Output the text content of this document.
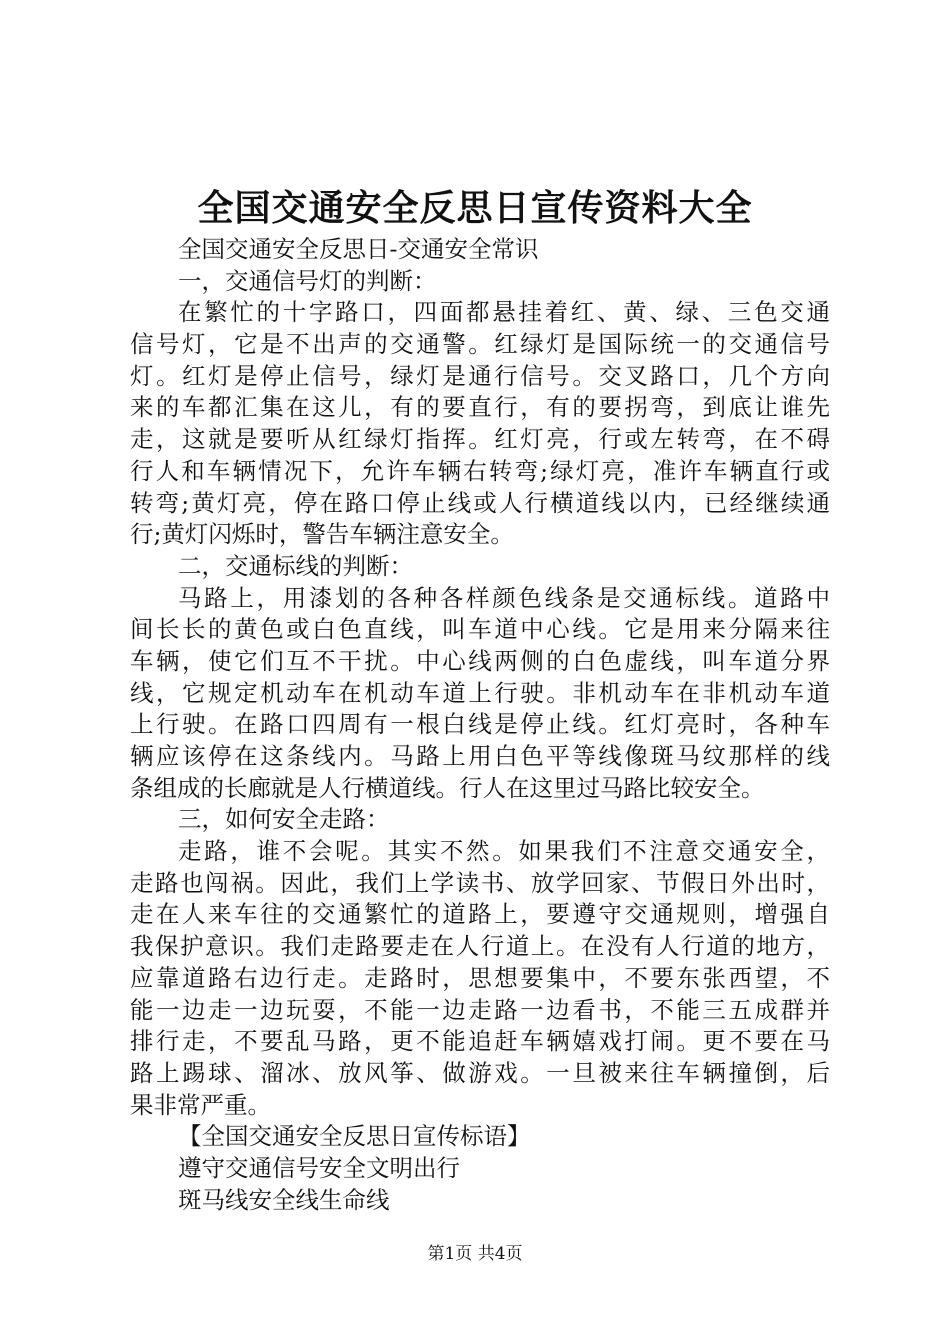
全国交通安全反思日宣传资料大全
全国交通安全反思日-交通安全常识
一，交通信号灯的判断：
在繁忙的十字路口，四面都悬挂着红、黄、绿、三色交通
信号灯，它是不出声的交通警。红绿灯是国际统一的交通信号
灯。红灯是停止信号，绿灯是通行信号。交叉路口，几个方向
来的车都汇集在这儿，有的要直行，有的要拐弯，到底让谁先
走，这就是要听从红绿灯指挥。红灯亮，行或左转弯，在不碍
行人和车辆情况下，允许车辆右转弯;绿灯亮，准许车辆直行或
转弯;黄灯亮，停在路口停止线或人行横道线以内，已经继续通
行;黄灯闪烁时，警告车辆注意安全。
二，交通标线的判断：
马路上，用漆划的各种各样颜色线条是交通标线。道路中
间长长的黄色或白色直线，叫车道中心线。它是用来分隔来往
车辆，使它们互不干扰。中心线两侧的白色虚线，叫车道分界
线，它规定机动车在机动车道上行驶。非机动车在非机动车道
上行驶。在路口四周有一根白线是停止线。红灯亮时，各种车
辆应该停在这条线内。马路上用白色平等线像斑马纹那样的线
条组成的长廊就是人行横道线。行人在这里过马路比较安全。
三，如何安全走路：
走路，谁不会呢。其实不然。如果我们不注意交通安全，
走路也闯祸。因此，我们上学读书、放学回家、节假日外出时，
走在人来车往的交通繁忙的道路上，要遵守交通规则，增强自
我保护意识。我们走路要走在人行道上。在没有人行道的地方，
应靠道路右边行走。走路时，思想要集中，不要东张西望，不
能一边走一边玩耍，不能一边走路一边看书，不能三五成群并
排行走，不要乱马路，更不能追赶车辆嬉戏打闹。更不要在马
路上踢球、溜冰、放风筝、做游戏。一旦被来往车辆撞倒，后
果非常严重。
【全国交通安全反思日宣传标语】
遵守交通信号安全文明出行
斑马线安全线生命线
第1页 共4页
